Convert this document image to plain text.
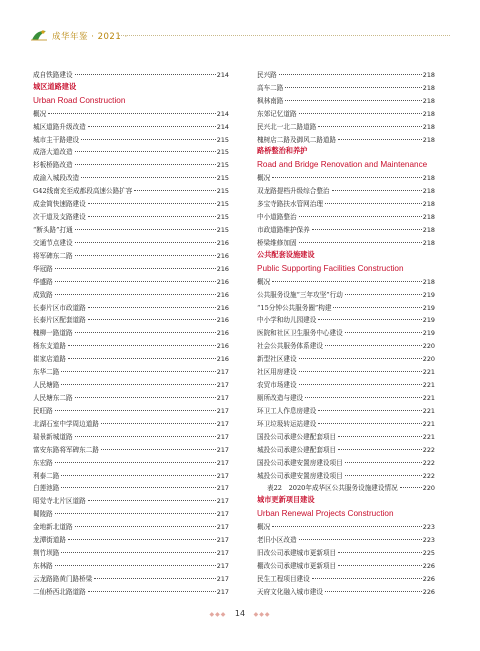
成华年鉴 · 2021 ·
成自铁路建设	214
城区道路建设
Urban Road Construction
概况	214
城区道路升级改造	214
城市主干路建设	215
成洛大道改造	215
杉板桥路改造	215
成渝入城段改造	215
G42线南充至成都段高速公路扩容	215
成金简快速路建设	215
次干道及支路建设	215
“断头路”打通	215
交通节点建设	216
将军碑东二路	216
华冠路	216
华盛路	216
成致路	216
长泰片区市政道路	216
长泰片区配套道路	216
槐柳一路道路	216
杨东支道路	216
崔家店道路	216
东华二路	217
人民塘路	217
人民塘东二路	217
民旺路	217
北湖石室中学周边道路	217
瑞景新城道路	217
富安东路将军碑东二路	217
东宏路	217
利泰二路	217
白莲池路	217
昭觉寺北片区道路	217
蜀陵路	217
金地新北道路	217
龙潭街道路	217
荆竹坝路	217
东林路	217
云龙路路黄门路桥梁	217
二仙桥西北路道路	217
民兴路	218
高车二路	218
枫林南路	218
东郊记忆道路	218
民兴北一北二路道路	218
槐树店二路及御风二路道路	218
路桥整治和养护
Road and Bridge Renovation and Maintenance
概况	218
双龙路提档升级综合整治	218
多宝寺路扶水管网治理	218
中小道路整治	218
市政道路维护保养	218
桥梁维修加固	218
公共配套设施建设
Public Supporting Facilities Construction
概况	218
公共服务设施“三年攻坚”行动	219
“15分钟公共服务圈”构建	219
中小学和幼儿园建设	219
医院和社区卫生服务中心建设	219
社会公共服务体系建设	220
新型社区建设	220
社区用房建设	221
农贸市场建设	221
厕所改造与建设	221
环卫工人作息房建设	221
环卫垃圾转运站建设	221
国投公司承建公建配套项目	221
城投公司承建公建配套项目	222
国投公司承建安置房建设项目	222
城投公司承建安置房建设项目	222
表22　2020年成华区公共服务设施建设情况	220
城市更新项目建设
Urban Renewal Projects Construction
概况	223
老旧小区改造	223
旧改公司承建城市更新项目	225
棚改公司承建城市更新项目	226
民生工程项目建设	226
天府文化融入城市建设	226
◆◆◆ 14 ◆◆◆
